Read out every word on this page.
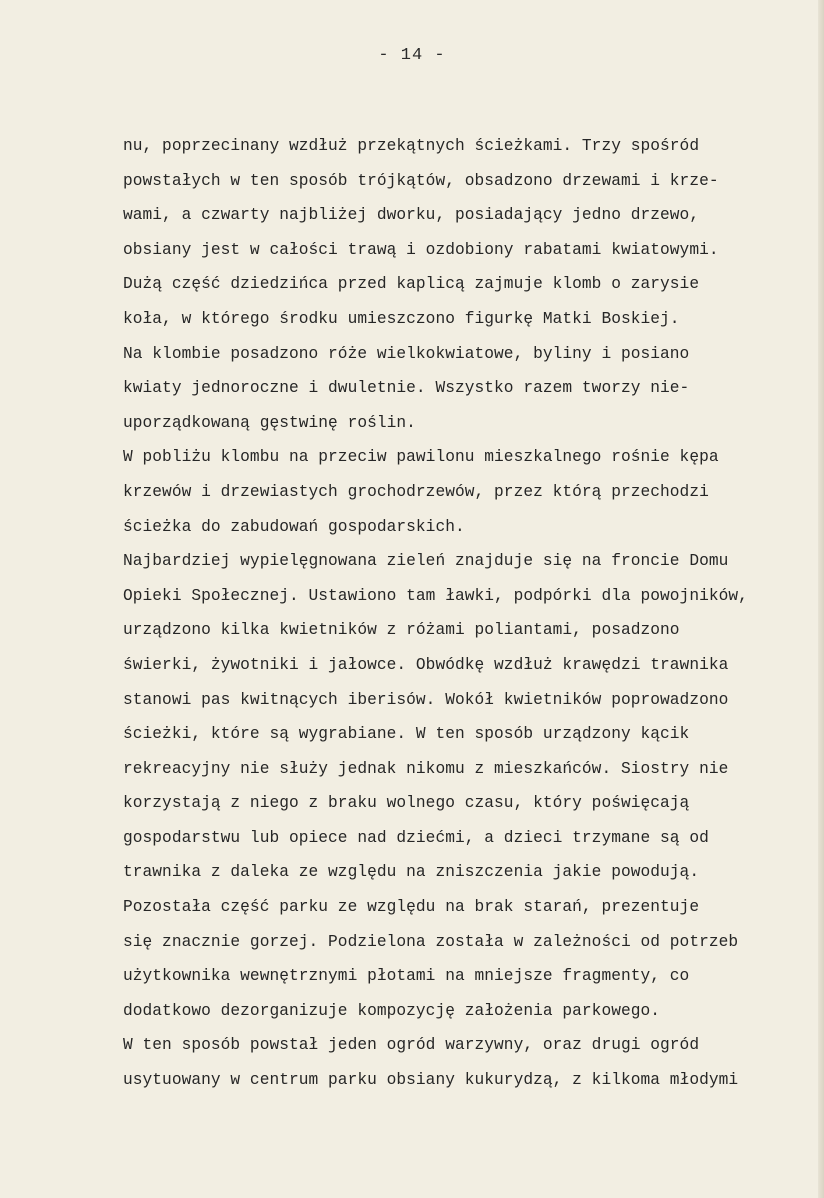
- 14 -
nu, poprzecinany wzdłuż przekątnych ścieżkami. Trzy spośród
powstałych w ten sposób trójkątów, obsadzono drzewami i krze-
wami, a czwarty najbliżej dworku, posiadający jedno drzewo,
obsiany jest w całości trawą i ozdobiony rabatami kwiatowymi.
Dużą część dziedzińca przed kaplicą zajmuje klomb o zarysie
koła, w którego środku umieszczono figurkę Matki Boskiej.
Na klombie posadzono róże wielkokwiatowe, byliny i posiano
kwiaty jednoroczne i dwuletnie. Wszystko razem tworzy nie-
uporządkowaną gęstwinę roślin.
W pobliżu klombu na przeciw pawilonu mieszkalnego rośnie kępa
krzewów i drzewiastych grochodrzewów, przez którą przechodzi
ścieżka do zabudowań gospodarskich.
Najbardziej wypielęgnowana zieleń znajduje się na froncie Domu
Opieki Społecznej. Ustawiono tam ławki, podpórki dla powojników,
urządzono kilka kwietników z różami poliantami, posadzono
świerki, żywotniki i jałowce. Obwódkę wzdłuż krawędzi trawnika
stanowi pas kwitnących iberisów. Wokół kwietników poprowadzono
ścieżki, które są wygrabiane. W ten sposób urządzony kącik
rekreacyjny nie służy jednak nikomu z mieszkańców. Siostry nie
korzystają z niego z braku wolnego czasu, który poświęcają
gospodarstwu lub opiece nad dziećmi, a dzieci trzymane są od
trawnika z daleka ze względu na zniszczenia jakie powodują.
Pozostała część parku ze względu na brak starań, prezentuje
się znacznie gorzej. Podzielona została w zależności od potrzeb
użytkownika wewnętrznymi płotami na mniejsze fragmenty, co
dodatkowo dezorganizuje kompozycję założenia parkowego.
W ten sposób powstał jeden ogród warzywny, oraz drugi ogród
usytuowany w centrum parku obsiany kukurydzą, z kilkoma młodymi
